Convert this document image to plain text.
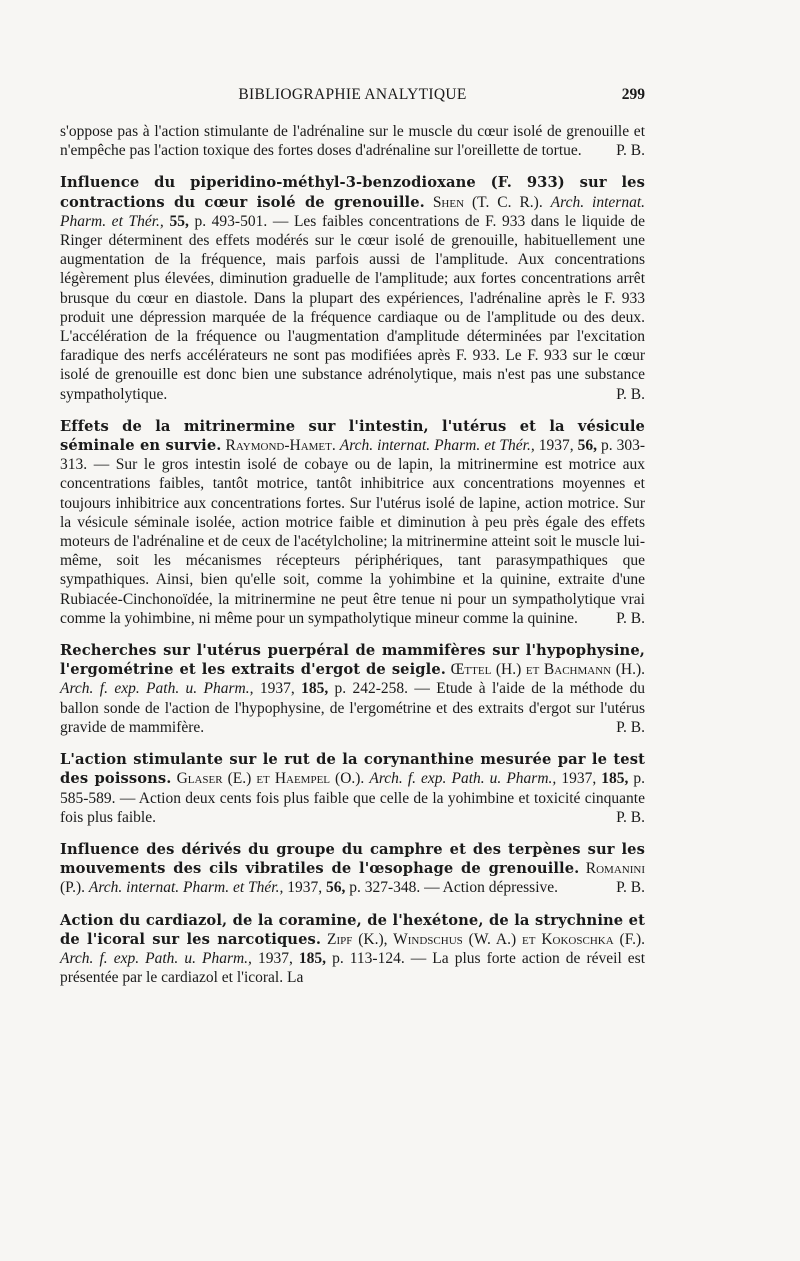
BIBLIOGRAPHIE ANALYTIQUE	299

s'oppose pas à l'action stimulante de l'adrénaline sur le muscle du cœur isolé de grenouille et n'empêche pas l'action toxique des fortes doses d'adrénaline sur l'oreillette de tortue.	P. B.

Influence du piperidino-méthyl-3-benzodioxane (F. 933) sur les contractions du cœur isolé de grenouille. Shen (T. C. R.). Arch. internat. Pharm. et Thér., 55, p. 493-501. — Les faibles concentrations de F. 933 dans le liquide de Ringer déterminent des effets modérés sur le cœur isolé de grenouille, habituellement une augmentation de la fréquence, mais parfois aussi de l'amplitude. Aux concentrations légèrement plus élevées, diminution graduelle de l'amplitude; aux fortes concentrations arrêt brusque du cœur en diastole. Dans la plupart des expériences, l'adrénaline après le F. 933 produit une dépression marquée de la fréquence cardiaque ou de l'amplitude ou des deux. L'accélération de la fréquence ou l'augmentation d'amplitude déterminées par l'excitation faradique des nerfs accélérateurs ne sont pas modifiées après F. 933. Le F. 933 sur le cœur isolé de grenouille est donc bien une substance adrénolytique, mais n'est pas une substance sympatholytique.	P. B.

Effets de la mitrinermine sur l'intestin, l'utérus et la vésicule séminale en survie. Raymond-Hamet. Arch. internat. Pharm. et Thér., 1937, 56, p. 303-313. — Sur le gros intestin isolé de cobaye ou de lapin, la mitrinermine est motrice aux concentrations faibles, tantôt motrice, tantôt inhibitrice aux concentrations moyennes et toujours inhibitrice aux concentrations fortes. Sur l'utérus isolé de lapine, action motrice. Sur la vésicule séminale isolée, action motrice faible et diminution à peu près égale des effets moteurs de l'adrénaline et de ceux de l'acétylcholine; la mitrinermine atteint soit le muscle lui-même, soit les mécanismes récepteurs périphériques, tant parasympathiques que sympathiques. Ainsi, bien qu'elle soit, comme la yohimbine et la quinine, extraite d'une Rubiacée-Cinchonoïdée, la mitrinermine ne peut être tenue ni pour un sympatholytique vrai comme la yohimbine, ni même pour un sympatholytique mineur comme la quinine.	P. B.

Recherches sur l'utérus puerpéral de mammifères sur l'hypophysine, l'ergométrine et les extraits d'ergot de seigle. Œttel (H.) et Bachmann (H.). Arch. f. exp. Path. u. Pharm., 1937, 185, p. 242-258. — Etude à l'aide de la méthode du ballon sonde de l'action de l'hypophysine, de l'ergométrine et des extraits d'ergot sur l'utérus gravide de mammifère.	P. B.

L'action stimulante sur le rut de la corynanthine mesurée par le test des poissons. Glaser (E.) et Haempel (O.). Arch. f. exp. Path. u. Pharm., 1937, 185, p. 585-589. — Action deux cents fois plus faible que celle de la yohimbine et toxicité cinquante fois plus faible.	P. B.

Influence des dérivés du groupe du camphre et des terpènes sur les mouvements des cils vibratiles de l'œsophage de grenouille. Romanini (P.). Arch. internat. Pharm. et Thér., 1937, 56, p. 327-348. — Action dépressive.	P. B.

Action du cardiazol, de la coramine, de l'hexétone, de la strychnine et de l'icoral sur les narcotiques. Zipf (K.), Windschus (W. A.) et Kokoschka (F.). Arch. f. exp. Path. u. Pharm., 1937, 185, p. 113-124. — La plus forte action de réveil est présentée par le cardiazol et l'icoral. La
